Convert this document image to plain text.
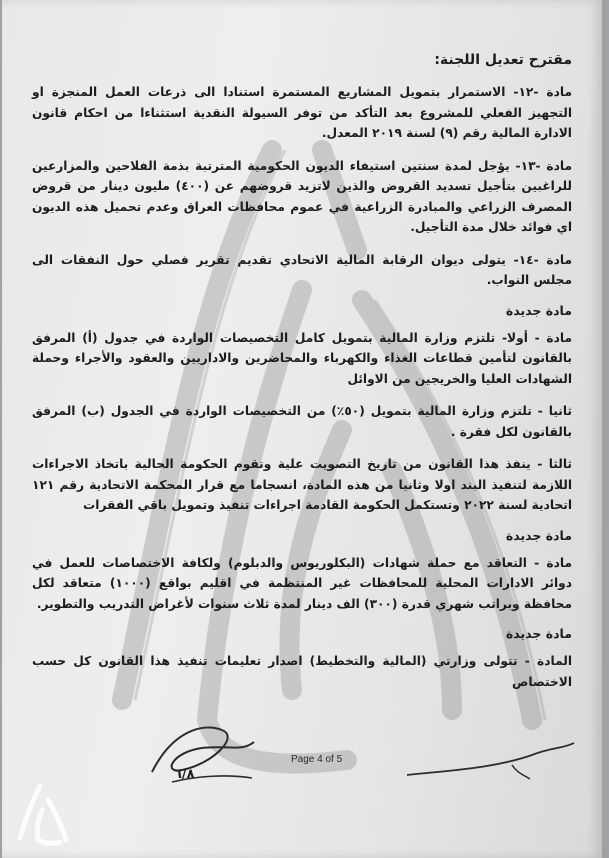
مقترح تعديل اللجنة:

مادة -١٢- الاستمرار بتمويل المشاريع المستمرة استنادا الى ذرعات العمل المنجزة او التجهيز الفعلي للمشروع بعد التأكد من توفر السيولة النقدية استثناءا من احكام قانون الادارة المالية رقم (٩) لسنة ٢٠١٩ المعدل.

مادة -١٣- يؤجل لمدة سنتين استيفاء الديون الحكومية المترتبة بذمة الفلاحين والمزارعين للراغبين بتأجيل تسديد القروض والذين لاتزيد قروضهم عن (٤٠٠) مليون دينار من قروض المصرف الزراعي والمبادرة الزراعية في عموم محافظات العراق وعدم تحميل هذه الديون اي فوائد خلال مدة التأجيل.

مادة -١٤- يتولى ديوان الرقابة المالية الاتحادي تقديم تقرير فصلي حول النفقات الى مجلس النواب.

مادة جديدة

مادة - أولا- تلتزم وزارة المالية بتمويل كامل التخصيصات الواردة في جدول (أ) المرفق بالقانون لتأمين قطاعات الغذاء والكهرباء والمحاضرين والاداريين والعقود والأجراء وحملة الشهادات العليا والخريجين من الاوائل

ثانيا - تلتزم وزارة المالية بتمويل (٥٠٪) من التخصيصات الواردة في الجدول (ب) المرفق بالقانون لكل فقرة .

ثالثا - ينفذ هذا القانون من تاريخ التصويت علية وتقوم الحكومة الحالية باتخاذ الاجراءات اللازمة لتنفيذ البند اولا وثانيا من هذه المادة، انسجاما مع قرار المحكمة الاتحادية رقم ١٢١ اتحادية لسنة ٢٠٢٢ وتستكمل الحكومة القادمة اجراءات تنفيذ وتمويل باقي الفقرات

مادة جديدة

مادة - التعاقد مع حملة شهادات (البكلوريوس والدبلوم) ولكافة الاختصاصات للعمل في دوائر الادارات المحلية للمحافظات غير المنتظمة في اقليم بواقع (١٠٠٠) متعاقد لكل محافظة وبراتب شهري قدرة (٣٠٠) الف دينار لمدة ثلاث سنوات لأغراض التدريب والتطوير.

مادة جديدة

المادة - تتولى وزارتي (المالية والتخطيط) اصدار تعليمات تنفيذ هذا القانون كل حسب الاختصاص

٦/٨
Page 4 of 5
